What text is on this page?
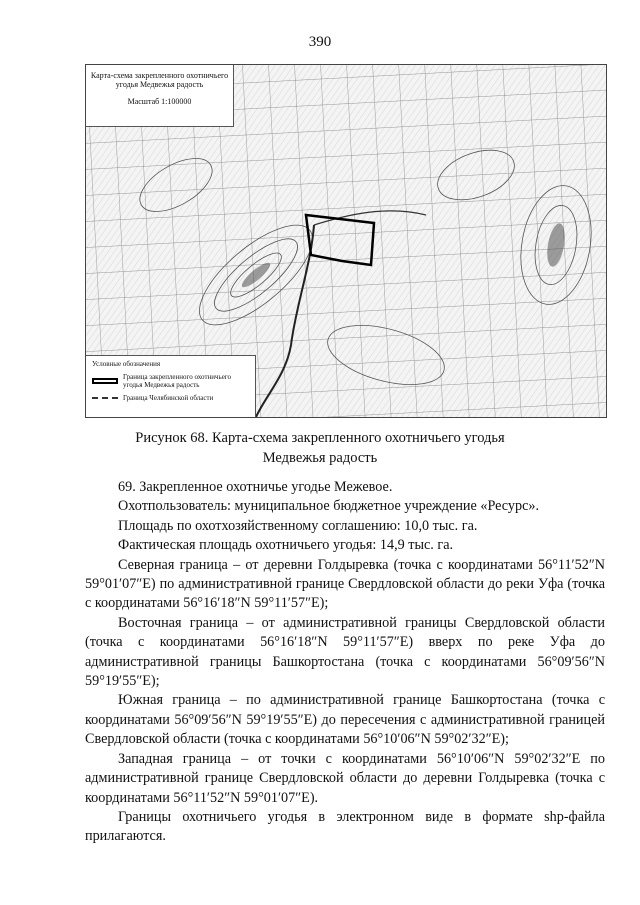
390
Карта-схема закрепленного охотничьего угодья Медвежья радость
Масштаб 1:100000
Условные обозначения
Граница закрепленного охотничьего угодья Медвежья радость
Граница Челябинской области
Рисунок 68. Карта-схема закрепленного охотничьего угодья
Медвежья радость

69. Закрепленное охотничье угодье Межевое.

Охотпользователь: муниципальное бюджетное учреждение «Ресурс».

Площадь по охотхозяйственному соглашению: 10,0 тыс. га.

Фактическая площадь охотничьего угодья: 14,9 тыс. га.

Северная граница – от деревни Голдыревка (точка с координатами 56°11′52″N 59°01′07″E) по административной границе Свердловской области до реки Уфа (точка с координатами 56°16′18″N 59°11′57″E);

Восточная граница – от административной границы Свердловской области (точка с координатами 56°16′18″N 59°11′57″E) вверх по реке Уфа до административной границы Башкортостана (точка с координатами 56°09′56″N 59°19′55″E);

Южная граница – по административной границе Башкортостана (точка с координатами 56°09′56″N 59°19′55″E) до пересечения с административной границей Свердловской области (точка с координатами 56°10′06″N 59°02′32″E);

Западная граница – от точки с координатами 56°10′06″N 59°02′32″E по административной границе Свердловской области до деревни Голдыревка (точка с координатами 56°11′52″N 59°01′07″E).

Границы охотничьего угодья в электронном виде в формате shp-файла прилагаются.
